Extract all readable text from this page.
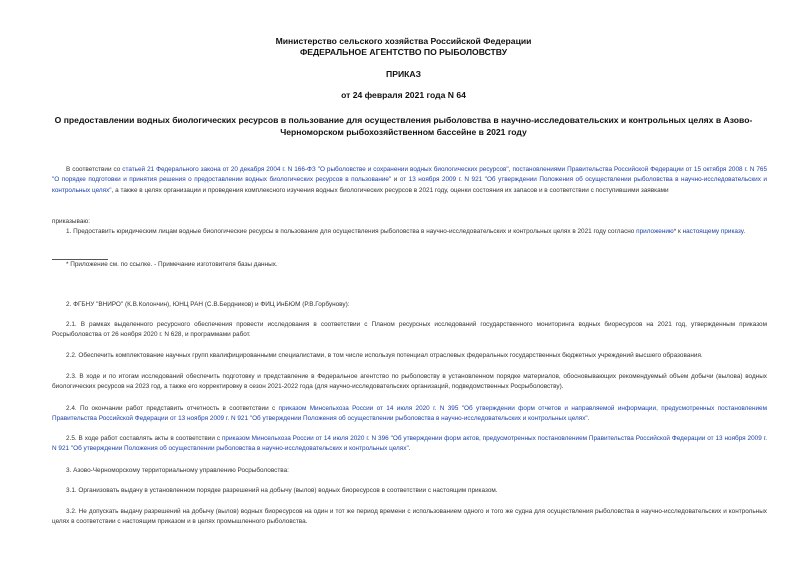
Министерство сельского хозяйства Российской Федерации
ФЕДЕРАЛЬНОЕ АГЕНТСТВО ПО РЫБОЛОВСТВУ
ПРИКАЗ
от 24 февраля 2021 года N 64
О предоставлении водных биологических ресурсов в пользование для осуществления рыболовства в научно-исследовательских и контрольных целях в Азово-Черноморском рыбохозяйственном бассейне в 2021 году
В соответствии со статьей 21 Федерального закона от 20 декабря 2004 г. N 166-ФЗ "О рыболовстве и сохранении водных биологических ресурсов", постановлениями Правительства Российской Федерации от 15 октября 2008 г. N 765 "О порядке подготовки и принятия решения о предоставлении водных биологических ресурсов в пользование" и от 13 ноября 2009 г. N 921 "Об утверждении Положения об осуществлении рыболовства в научно-исследовательских и контрольных целях", а также в целях организации и проведения комплексного изучения водных биологических ресурсов в 2021 году, оценки состояния их запасов и в соответствии с поступившими заявками
приказываю:
1. Предоставить юридическим лицам водные биологические ресурсы в пользование для осуществления рыболовства в научно-исследовательских и контрольных целях в 2021 году согласно приложению* к настоящему приказу.
* Приложение см. по ссылке. - Примечание изготовителя базы данных.
2. ФГБНУ "ВНИРО" (К.В.Колончин), ЮНЦ РАН (С.В.Бердников) и ФИЦ ИнБЮМ (Р.В.Горбунову):
2.1. В рамках выделенного ресурсного обеспечения провести исследования в соответствии с Планом ресурсных исследований государственного мониторинга водных биоресурсов на 2021 год, утвержденным приказом Росрыболовства от 26 ноября 2020 г. N 628, и программами работ.
2.2. Обеспечить комплектование научных групп квалифицированными специалистами, в том числе используя потенциал отраслевых федеральных государственных бюджетных учреждений высшего образования.
2.3. В ходе и по итогам исследований обеспечить подготовку и представление в Федеральное агентство по рыболовству в установленном порядке материалов, обосновывающих рекомендуемый объем добычи (вылова) водных биологических ресурсов на 2023 год, а также его корректировку в сезон 2021-2022 года (для научно-исследовательских организаций, подведомственных Росрыболовству).
2.4. По окончании работ представить отчетность в соответствии с приказом Минсельхоза России от 14 июля 2020 г. N 395 "Об утверждении форм отчетов и направляемой информации, предусмотренных постановлением Правительства Российской Федерации от 13 ноября 2009 г. N 921 "Об утверждении Положения об осуществлении рыболовства в научно-исследовательских и контрольных целях".
2.5. В ходе работ составлять акты в соответствии с приказом Минсельхоза России от 14 июля 2020 г. N 396 "Об утверждении форм актов, предусмотренных постановлением Правительства Российской Федерации от 13 ноября 2009 г. N 921 "Об утверждении Положения об осуществлении рыболовства в научно-исследовательских и контрольных целях".
3. Азово-Черноморскому территориальному управлению Росрыболовства:
3.1. Организовать выдачу в установленном порядке разрешений на добычу (вылов) водных биоресурсов в соответствии с настоящим приказом.
3.2. Не допускать выдачу разрешений на добычу (вылов) водных биоресурсов на один и тот же период времени с использованием одного и того же судна для осуществления рыболовства в научно-исследовательских и контрольных целях в соответствии с настоящим приказом и в целях промышленного рыболовства.
